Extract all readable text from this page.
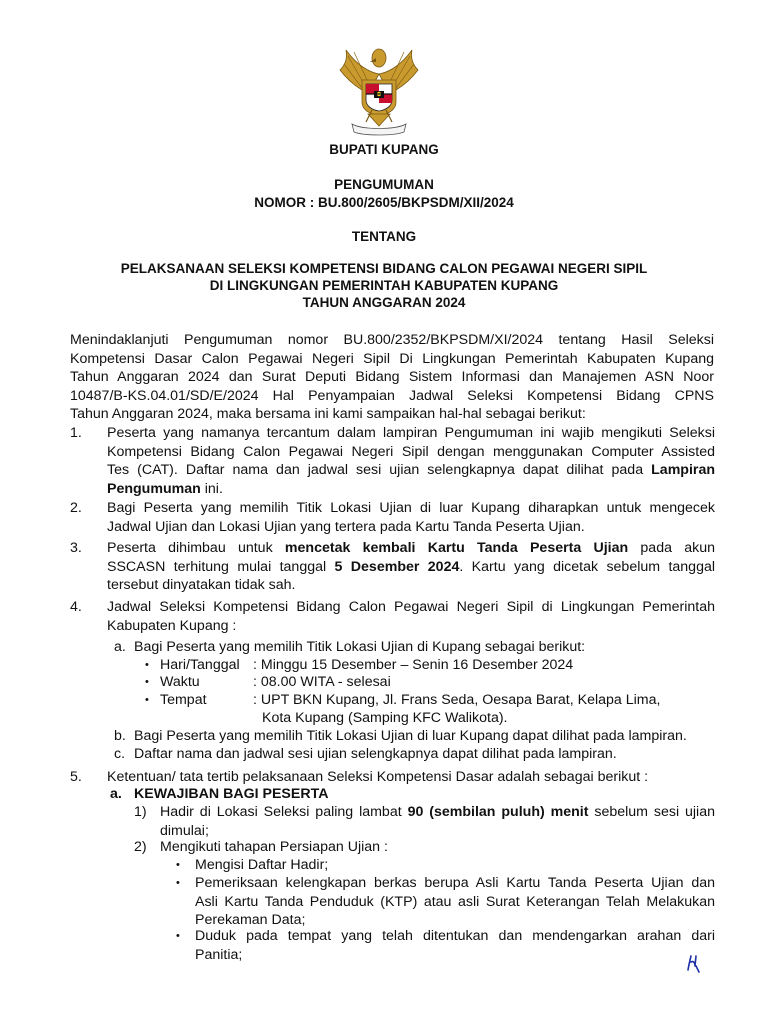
BUPATI KUPANG
PENGUMUMAN
NOMOR : BU.800/2605/BKPSDM/XII/2024
TENTANG
PELAKSANAAN SELEKSI KOMPETENSI BIDANG CALON PEGAWAI NEGERI SIPIL
DI LINGKUNGAN PEMERINTAH KABUPATEN KUPANG
TAHUN ANGGARAN 2024

Menindaklanjuti Pengumuman nomor BU.800/2352/BKPSDM/XI/2024 tentang Hasil Seleksi

Kompetensi Dasar Calon Pegawai Negeri Sipil Di Lingkungan Pemerintah Kabupaten Kupang

Tahun Anggaran 2024 dan Surat Deputi Bidang Sistem Informasi dan Manajemen ASN Noor

10487/B-KS.04.01/SD/E/2024 Hal Penyampaian Jadwal Seleksi Kompetensi Bidang CPNS

Tahun Anggaran 2024, maka bersama ini kami sampaikan hal-hal sebagai berikut:

1. Peserta yang namanya tercantum dalam lampiran Pengumuman ini wajib mengikuti Seleksi

Kompetensi Bidang Calon Pegawai Negeri Sipil dengan menggunakan Computer Assisted

Tes (CAT). Daftar nama dan jadwal sesi ujian selengkapnya dapat dilihat pada Lampiran

Pengumuman ini.

2. Bagi Peserta yang memilih Titik Lokasi Ujian di luar Kupang diharapkan untuk mengecek

Jadwal Ujian dan Lokasi Ujian yang tertera pada Kartu Tanda Peserta Ujian.

3. Peserta dihimbau untuk mencetak kembali Kartu Tanda Peserta Ujian pada akun

SSCASN terhitung mulai tanggal 5 Desember 2024. Kartu yang dicetak sebelum tanggal

tersebut dinyatakan tidak sah.

4. Jadwal Seleksi Kompetensi Bidang Calon Pegawai Negeri Sipil di Lingkungan Pemerintah

Kabupaten Kupang :

a. Bagi Peserta yang memilih Titik Lokasi Ujian di Kupang sebagai berikut:
• Hari/Tanggal : Minggu 15 Desember – Senin 16 Desember 2024
• Waktu	: 08.00 WITA - selesai
• Tempat	: UPT BKN Kupang, Jl. Frans Seda, Oesapa Barat, Kelapa Lima,
Kota Kupang (Samping KFC Walikota).
b. Bagi Peserta yang memilih Titik Lokasi Ujian di luar Kupang dapat dilihat pada lampiran.
c. Daftar nama dan jadwal sesi ujian selengkapnya dapat dilihat pada lampiran.
5. Ketentuan/ tata tertib pelaksanaan Seleksi Kompetensi Dasar adalah sebagai berikut :
a. KEWAJIBAN BAGI PESERTA
1) Hadir di Lokasi Seleksi paling lambat 90 (sembilan puluh) menit sebelum sesi ujian

dimulai;

2) Mengikuti tahapan Persiapan Ujian :
• Mengisi Daftar Hadir;
• Pemeriksaan kelengkapan berkas berupa Asli Kartu Tanda Peserta Ujian dan

Asli Kartu Tanda Penduduk (KTP) atau asli Surat Keterangan Telah Melakukan

Perekaman Data;

• Duduk pada tempat yang telah ditentukan dan mendengarkan arahan dari

Panitia;
